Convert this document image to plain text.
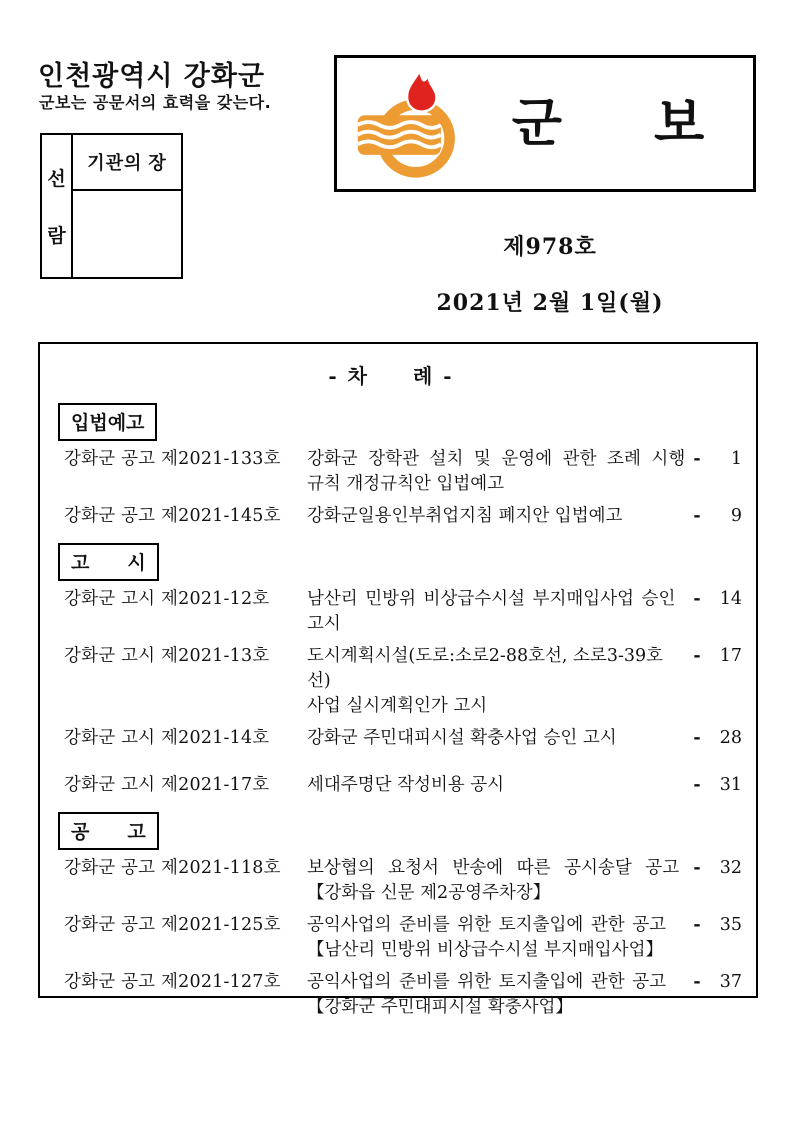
인천광역시 강화군
군보는 공문서의 효력을 갖는다.
선
람
기관의 장
군 보
제978호
2021년 2월 1일(월)
- 차　　례 -
입법예고
강화군 공고 제2021-133호	강화군 장학관 설치 및 운영에 관한 조례 시행
규칙 개정규칙안 입법예고
-	1
강화군 공고 제2021-145호	강화군일용인부취업지침 폐지안 입법예고	-	9
고　　시
강화군 고시 제2021-12호	남산리 민방위 비상급수시설 부지매입사업 승인
고시
-	14
강화군 고시 제2021-13호	도시계획시설(도로:소로2-88호선, 소로3-39호선)
사업 실시계획인가 고시
-	17
강화군 고시 제2021-14호	강화군 주민대피시설 확충사업 승인 고시	-	28
강화군 고시 제2021-17호	세대주명단 작성비용 공시	-	31
공　　고
강화군 공고 제2021-118호	보상협의 요청서 반송에 따른 공시송달 공고
【강화읍 신문 제2공영주차장】
-	32
강화군 공고 제2021-125호	공익사업의 준비를 위한 토지출입에 관한 공고
【남산리 민방위 비상급수시설 부지매입사업】
-	35
강화군 공고 제2021-127호	공익사업의 준비를 위한 토지출입에 관한 공고
【강화군 주민대피시설 확충사업】
-	37
